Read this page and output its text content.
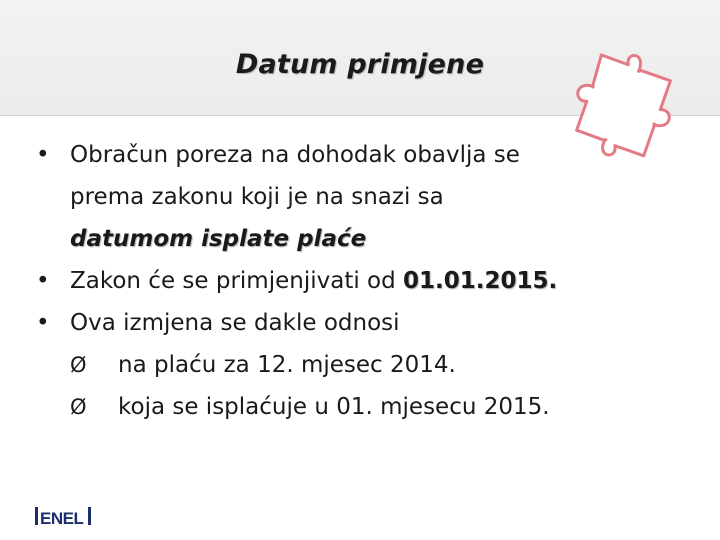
Datum primjene
• Obračun poreza na dohodak obavlja se
prema zakonu koji je na snazi sa
datumom isplate plaće
• Zakon će se primjenjivati od 01.01.2015.
• Ova izmjena se dakle odnosi
Ø na plaću za 12. mjesec 2014.
Ø koja se isplaćuje u 01. mjesecu 2015.
ENEL
